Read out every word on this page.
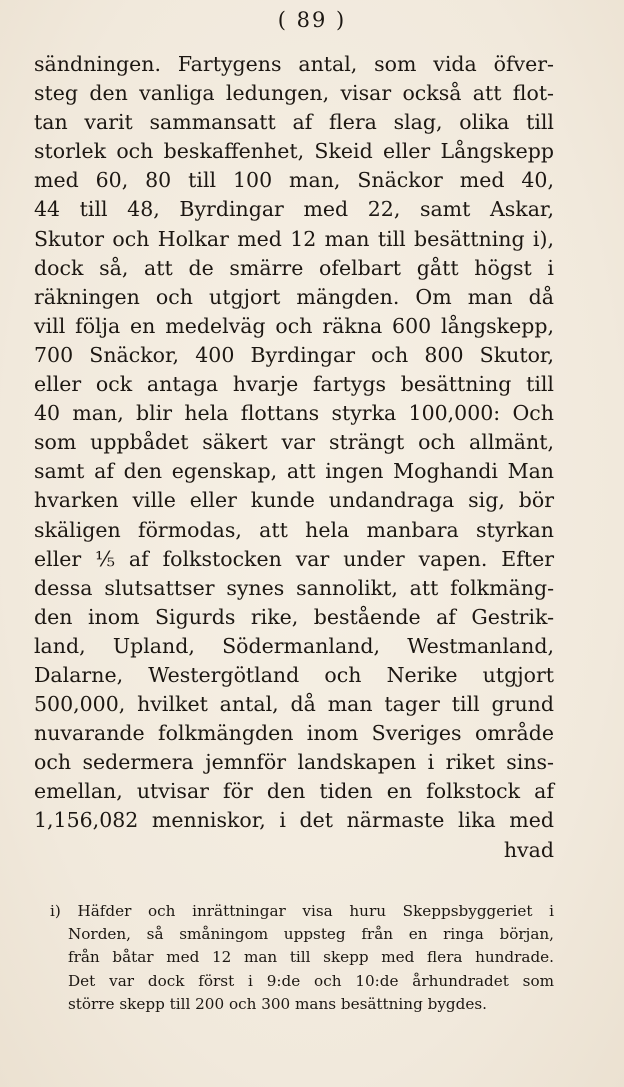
( 89 )
sändningen. Fartygens antal, som vida öfver-
steg den vanliga ledungen, visar också att flot-
tan varit sammansatt af flera slag, olika till
storlek och beskaffenhet, Skeid eller Långskepp
med 60, 80 till 100 man, Snäckor med 40,
44 till 48, Byrdingar med 22, samt Askar,
Skutor och Holkar med 12 man till besättning i),
dock så, att de smärre ofelbart gått högst i
räkningen och utgjort mängden. Om man då
vill följa en medelväg och räkna 600 långskepp,
700 Snäckor, 400 Byrdingar och 800 Skutor,
eller ock antaga hvarje fartygs besättning till
40 man, blir hela flottans styrka 100,000: Och
som uppbådet säkert var strängt och allmänt,
samt af den egenskap, att ingen Moghandi Man
hvarken ville eller kunde undandraga sig, bör
skäligen förmodas, att hela manbara styrkan
eller ⅕ af folkstocken var under vapen. Efter
dessa slutsattser synes sannolikt, att folkmäng-
den inom Sigurds rike, bestående af Gestrik-
land, Upland, Södermanland, Westmanland,
Dalarne, Westergötland och Nerike utgjort
500,000, hvilket antal, då man tager till grund
nuvarande folkmängden inom Sveriges område
och sedermera jemnför landskapen i riket sins-
emellan, utvisar för den tiden en folkstock af
1,156,082 menniskor, i det närmaste lika med
hvad
i) Häfder och inrättningar visa huru Skeppsbyggeriet i
Norden, så småningom uppsteg från en ringa början,
från båtar med 12 man till skepp med flera hundrade.
Det var dock först i 9:de och 10:de århundradet som
större skepp till 200 och 300 mans besättning bygdes.
